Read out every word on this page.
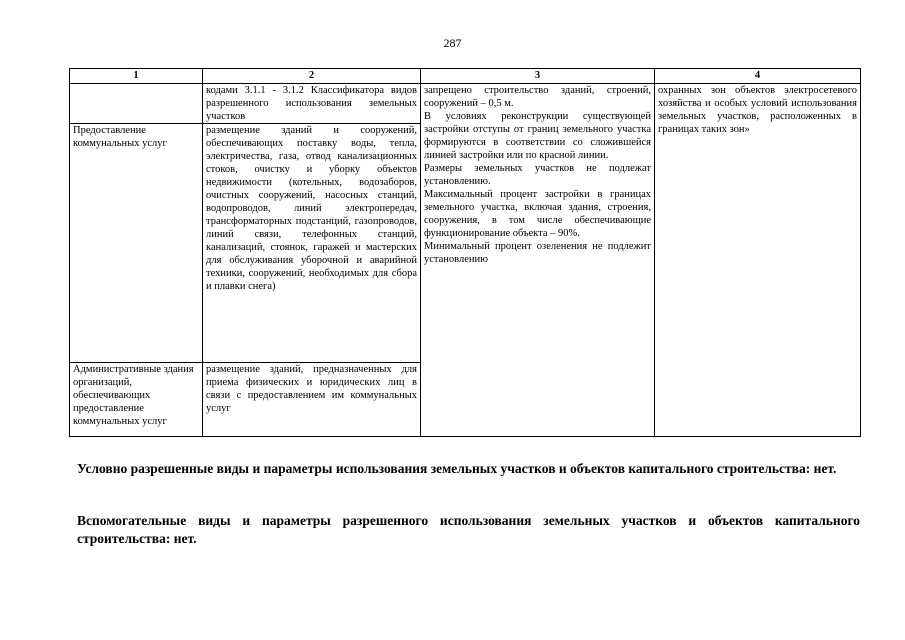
287
1	2	3	4
	кодами 3.1.1 - 3.1.2 Классификатора видов разрешенного использования земельных участков	запрещено строительство зданий, строений, сооружений – 0,5 м.
В условиях реконструкции существующей застройки отступы от границ земельного участка формируются в соответствии со сложившейся линией застройки или по красной линии.
Размеры земельных участков не подлежат установлению.
Максимальный процент застройки в границах земельного участка, включая здания, строения, сооружения, в том числе обеспечивающие функционирование объекта – 90%.
Минимальный процент озеленения не подлежит установлению	охранных зон объектов электросетевого хозяйства и особых условий использования земельных участков, расположенных в границах таких зон»
Предоставление коммунальных услуг	размещение зданий и сооружений, обеспечивающих поставку воды, тепла, электричества, газа, отвод канализационных стоков, очистку и уборку объектов недвижимости (котельных, водозаборов, очистных сооружений, насосных станций, водопроводов, линий электропередач, трансформаторных подстанций, газопроводов, линий связи, телефонных станций, канализаций, стоянок, гаражей и мастерских для обслуживания уборочной и аварийной техники, сооружений, необходимых для сбора и плавки снега)		
Административные здания организаций, обеспечивающих предоставление коммунальных услуг	размещение зданий, предназначенных для приема физических и юридических лиц в связи с предоставлением им коммунальных услуг		
Условно разрешенные виды и параметры использования земельных участков и объектов капитального строительства: нет.
Вспомогательные виды и параметры разрешенного использования земельных участков и объектов капитального строительства: нет.
